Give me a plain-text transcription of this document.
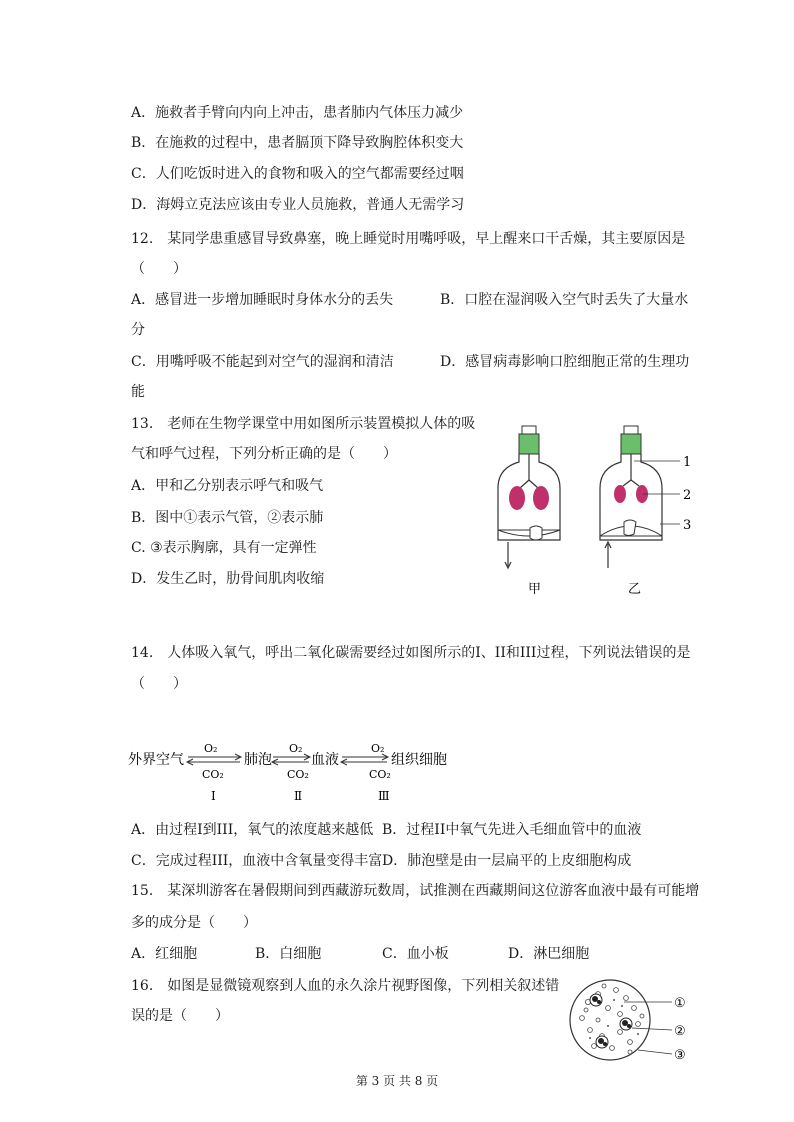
A．施救者手臂向内向上冲击，患者肺内气体压力减少
B．在施救的过程中，患者膈顶下降导致胸腔体积变大
C．人们吃饭时进入的食物和吸入的空气都需要经过咽
D．海姆立克法应该由专业人员施救，普通人无需学习
12.　某同学患重感冒导致鼻塞，晚上睡觉时用嘴呼吸，早上醒来口干舌燥，其主要原因是
（　　）
A．感冒进一步增加睡眠时身体水分的丢失	B．口腔在湿润吸入空气时丢失了大量水
分
C．用嘴呼吸不能起到对空气的湿润和清洁	D．感冒病毒影响口腔细胞正常的生理功
能
13.　老师在生物学课堂中用如图所示装置模拟人体的吸
气和呼气过程，下列分析正确的是（　　）
A．甲和乙分别表示呼气和吸气
B．图中①表示气管，②表示肺
C. ③表示胸廓，具有一定弹性
D．发生乙时，肋骨间肌肉收缩
1
2
3
甲	乙
14.　人体吸入氧气，呼出二氧化碳需要经过如图所示的I、II和III过程，下列说法错误的是
（　　）
外界空气	肺泡	血液	组织细胞
O₂
CO₂
Ⅰ
O₂
CO₂
Ⅱ
O₂
CO₂
Ⅲ
A．由过程I到III，氧气的浓度越来越低 B．过程II中氧气先进入毛细血管中的血液
C．完成过程III，血液中含氧量变得丰富 D．肺泡壁是由一层扁平的上皮细胞构成
15.　某深圳游客在暑假期间到西藏游玩数周，试推测在西藏期间这位游客血液中最有可能增
多的成分是（　　）
A．红细胞	B．白细胞	C．血小板	D．淋巴细胞
16.　如图是显微镜观察到人血的永久涂片视野图像，下列相关叙述错
误的是（　　）
①
②
③
第 3 页 共 8 页
